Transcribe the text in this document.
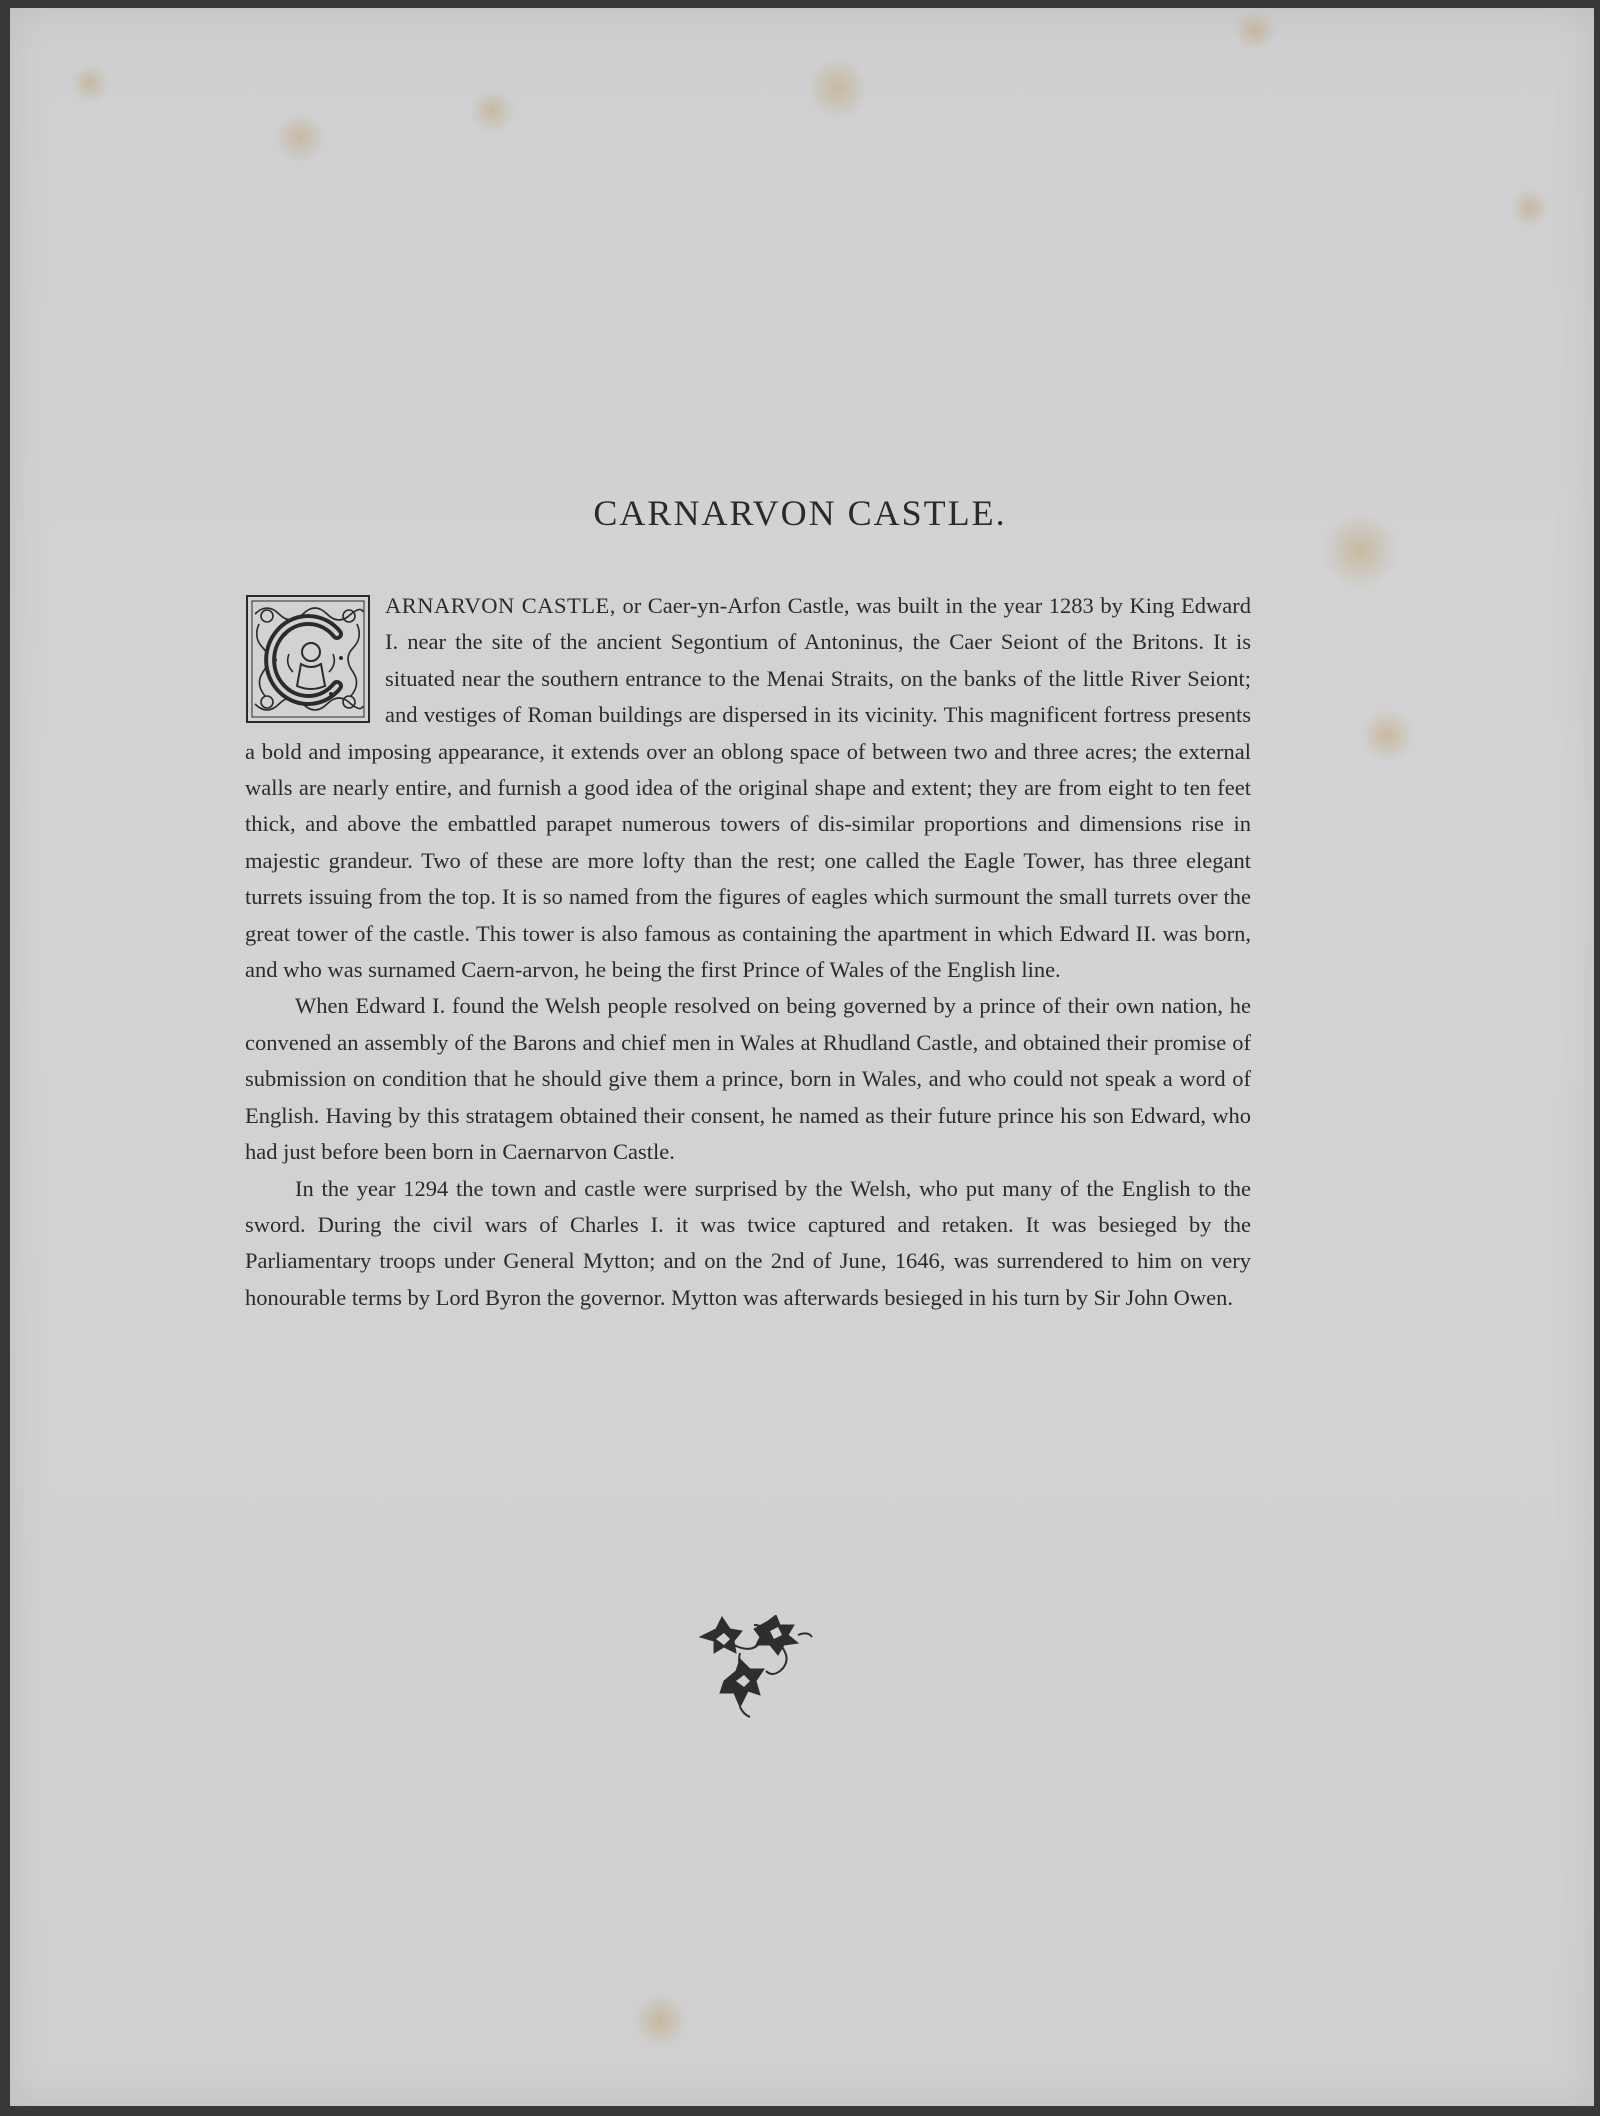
CARNARVON CASTLE.

ARNARVON CASTLE, or Caer-yn-Arfon Castle, was built in the year 1283 by King Edward I. near the site of the ancient Segontium of Antoninus, the Caer Seiont of the Britons. It is situated near the southern entrance to the Menai Straits, on the banks of the little River Seiont; and vestiges of Roman buildings are dispersed in its vicinity. This magnificent fortress presents a bold and imposing appearance, it extends over an oblong space of between two and three acres; the external walls are nearly entire, and furnish a good idea of the original shape and extent; they are from eight to ten feet thick, and above the embattled parapet numerous towers of dis-similar proportions and dimensions rise in majestic grandeur. Two of these are more lofty than the rest; one called the Eagle Tower, has three elegant turrets issuing from the top. It is so named from the figures of eagles which surmount the small turrets over the great tower of the castle. This tower is also famous as containing the apartment in which Edward II. was born, and who was surnamed Caern-arvon, he being the first Prince of Wales of the English line.

When Edward I. found the Welsh people resolved on being governed by a prince of their own nation, he convened an assembly of the Barons and chief men in Wales at Rhudland Castle, and obtained their promise of submission on condition that he should give them a prince, born in Wales, and who could not speak a word of English. Having by this stratagem obtained their consent, he named as their future prince his son Edward, who had just before been born in Caernarvon Castle.

In the year 1294 the town and castle were surprised by the Welsh, who put many of the English to the sword. During the civil wars of Charles I. it was twice captured and retaken. It was besieged by the Parliamentary troops under General Mytton; and on the 2nd of June, 1646, was surrendered to him on very honourable terms by Lord Byron the governor. Mytton was afterwards besieged in his turn by Sir John Owen.
